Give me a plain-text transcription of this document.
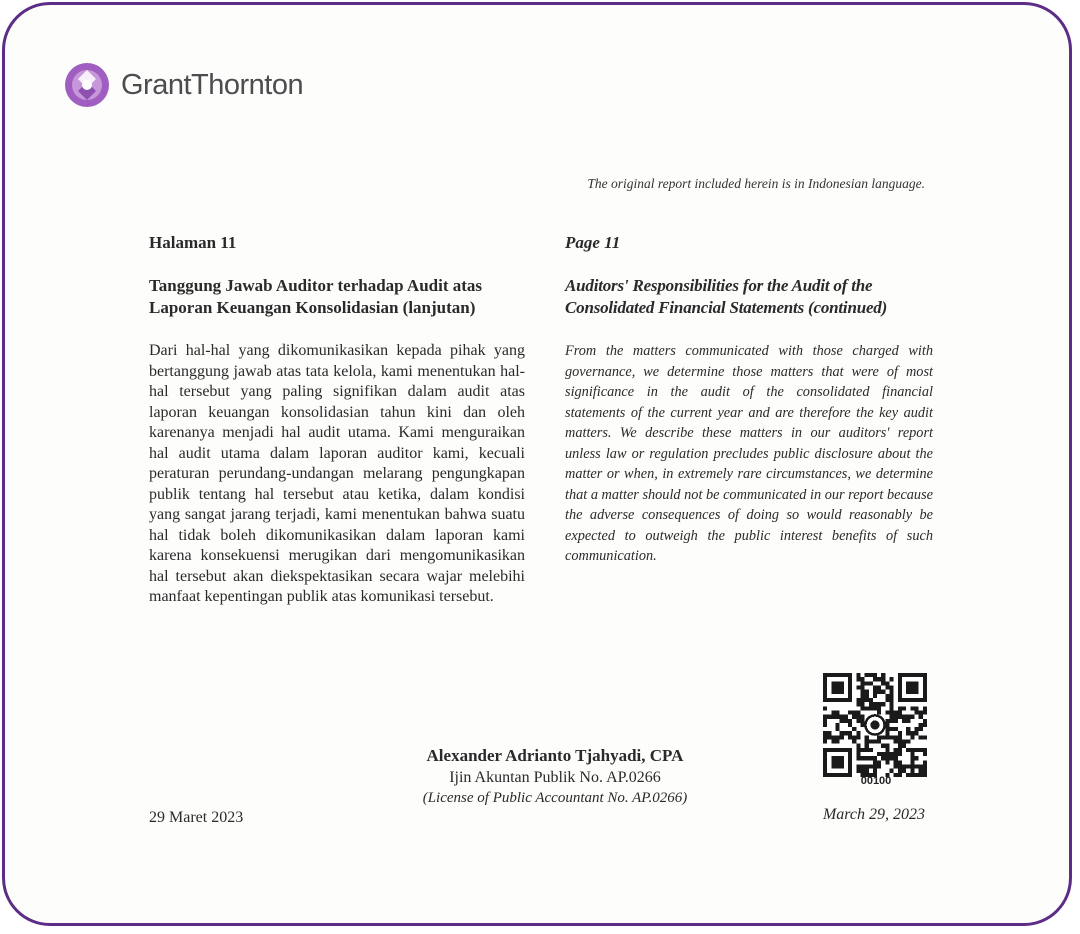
GrantThornton
The original report included herein is in Indonesian language.
Halaman 11
Tanggung Jawab Auditor terhadap Audit atas
Laporan Keuangan Konsolidasian (lanjutan)

Dari hal-hal yang dikomunikasikan kepada pihak yang bertanggung jawab atas tata kelola, kami menentukan hal-hal tersebut yang paling signifikan dalam audit atas laporan keuangan konsolidasian tahun kini dan oleh karenanya menjadi hal audit utama. Kami menguraikan hal audit utama dalam laporan auditor kami, kecuali peraturan perundang-undangan melarang pengungkapan publik tentang hal tersebut atau ketika, dalam kondisi yang sangat jarang terjadi, kami menentukan bahwa suatu hal tidak boleh dikomunikasikan dalam laporan kami karena konsekuensi merugikan dari mengomunikasikan hal tersebut akan diekspektasikan secara wajar melebihi manfaat kepentingan publik atas komunikasi tersebut.

Page 11
Auditors' Responsibilities for the Audit of the
Consolidated Financial Statements (continued)

From the matters communicated with those charged with governance, we determine those matters that were of most significance in the audit of the consolidated financial statements of the current year and are therefore the key audit matters. We describe these matters in our auditors' report unless law or regulation precludes public disclosure about the matter or when, in extremely rare circumstances, we determine that a matter should not be communicated in our report because the adverse consequences of doing so would reasonably be expected to outweigh the public interest benefits of such communication.

00100
Alexander Adrianto Tjahyadi, CPA
Ijin Akuntan Publik No. AP.0266
(License of Public Accountant No. AP.0266)
29 Maret 2023	March 29, 2023
